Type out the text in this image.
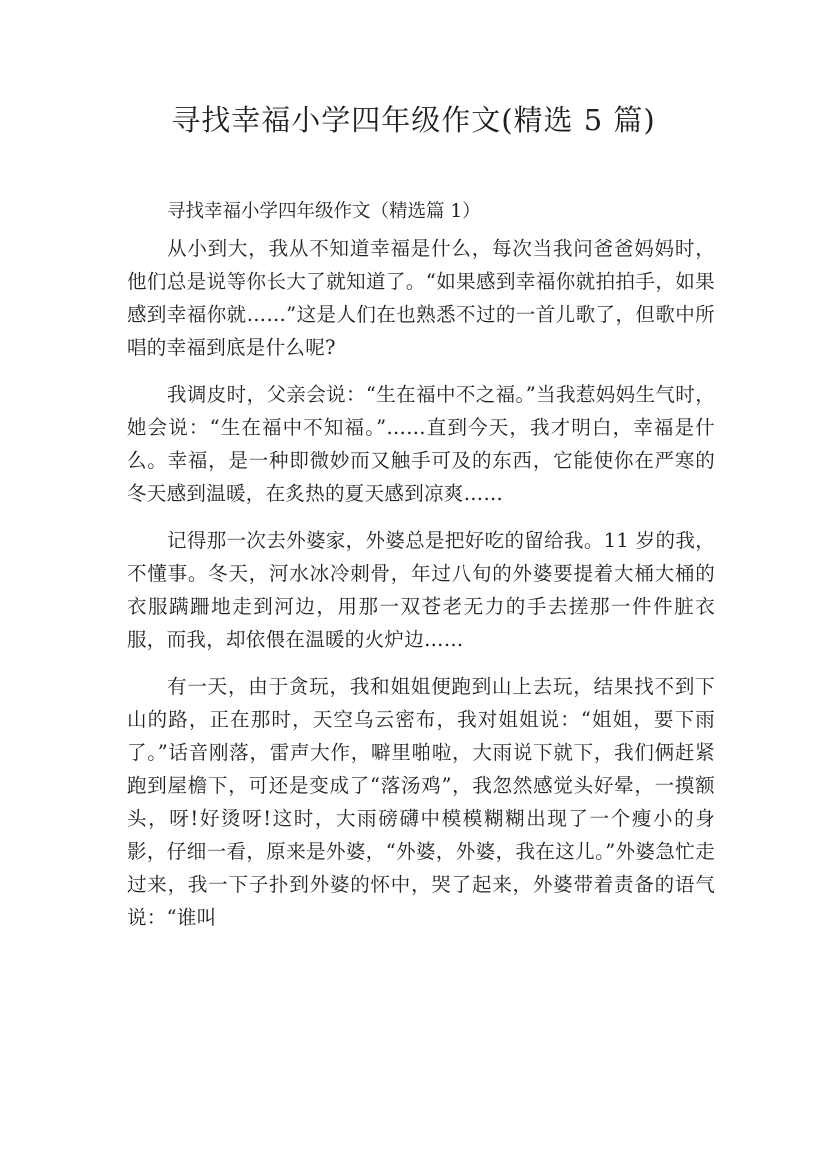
寻找幸福小学四年级作文(精选 5 篇)
寻找幸福小学四年级作文（精选篇 1）

从小到大，我从不知道幸福是什么，每次当我问爸爸妈妈时，他们总是说等你长大了就知道了。“如果感到幸福你就拍拍手，如果感到幸福你就……”这是人们在也熟悉不过的一首儿歌了，但歌中所唱的幸福到底是什么呢?

我调皮时，父亲会说：“生在福中不之福。”当我惹妈妈生气时，她会说：“生在福中不知福。”……直到今天，我才明白，幸福是什么。幸福，是一种即微妙而又触手可及的东西，它能使你在严寒的冬天感到温暖，在炙热的夏天感到凉爽……

记得那一次去外婆家，外婆总是把好吃的留给我。11 岁的我，不懂事。冬天，河水冰冷刺骨，年过八旬的外婆要提着大桶大桶的衣服蹒跚地走到河边，用那一双苍老无力的手去搓那一件件脏衣服，而我，却依偎在温暖的火炉边……

有一天，由于贪玩，我和姐姐便跑到山上去玩，结果找不到下山的路，正在那时，天空乌云密布，我对姐姐说：“姐姐，要下雨了。”话音刚落，雷声大作，噼里啪啦，大雨说下就下，我们俩赶紧跑到屋檐下，可还是变成了“落汤鸡”，我忽然感觉头好晕，一摸额头，呀!好烫呀!这时，大雨磅礴中模模糊糊出现了一个瘦小的身影，仔细一看，原来是外婆，“外婆，外婆，我在这儿。”外婆急忙走过来，我一下子扑到外婆的怀中，哭了起来，外婆带着责备的语气说：“谁叫
